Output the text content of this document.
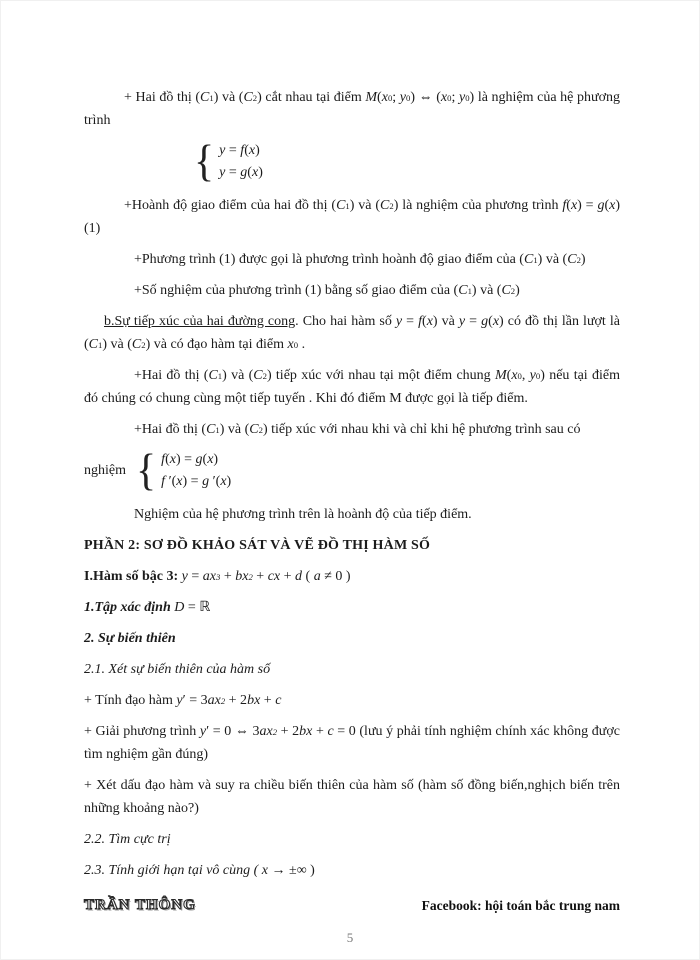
+ Hai đồ thị (C1) và (C2) cắt nhau tại điểm M(x0; y0) ⇔ (x0; y0) là nghiệm của hệ phương trình

{ y = f(x)
y = g(x)

+Hoành độ giao điểm của hai đồ thị (C1) và (C2) là nghiệm của phương trình f(x) = g(x) (1)

+Phương trình (1) được gọi là phương trình hoành độ giao điểm của (C1) và (C2)

+Số nghiệm của phương trình (1) bằng số giao điểm của (C1) và (C2)

b.Sự tiếp xúc của hai đường cong. Cho hai hàm số y = f(x) và y = g(x) có đồ thị lần lượt là (C1) và (C2) và có đạo hàm tại điểm x0 .

+Hai đồ thị (C1) và (C2) tiếp xúc với nhau tại một điểm chung M(x0, y0) nếu tại điểm đó chúng có chung cùng một tiếp tuyến . Khi đó điểm M được gọi là tiếp điểm.

+Hai đồ thị (C1) và (C2) tiếp xúc với nhau khi và chỉ khi hệ phương trình sau có

nghiệm { f(x) = g(x)
f ′(x) = g ′(x)

Nghiệm của hệ phương trình trên là hoành độ của tiếp điểm.

PHẦN 2: SƠ ĐỒ KHẢO SÁT VÀ VẼ ĐỒ THỊ HÀM SỐ

I.Hàm số bậc 3: $y = ax^3 + bx^2$ + cx + d ( a ≠ 0 )

1.Tập xác định D = ℝ

2. Sự biến thiên

2.1. Xét sự biến thiên của hàm số

+ Tính đạo hàm $y' = 3ax^2 + 2bx + c$

+ Giải phương trình y′ = 0 ⇔ $3ax^2 + 2bx + c = 0$ (lưu ý phải tính nghiệm chính xác không được tìm nghiệm gần đúng)

+ Xét dấu đạo hàm và suy ra chiều biến thiên của hàm số (hàm số đồng biến,nghịch biến trên những khoảng nào?)

2.2. Tìm cực trị

2.3. Tính giới hạn tại vô cùng ( x → ±∞ )

TRẦN THÔNG	Facebook: hội toán bắc trung nam
5
